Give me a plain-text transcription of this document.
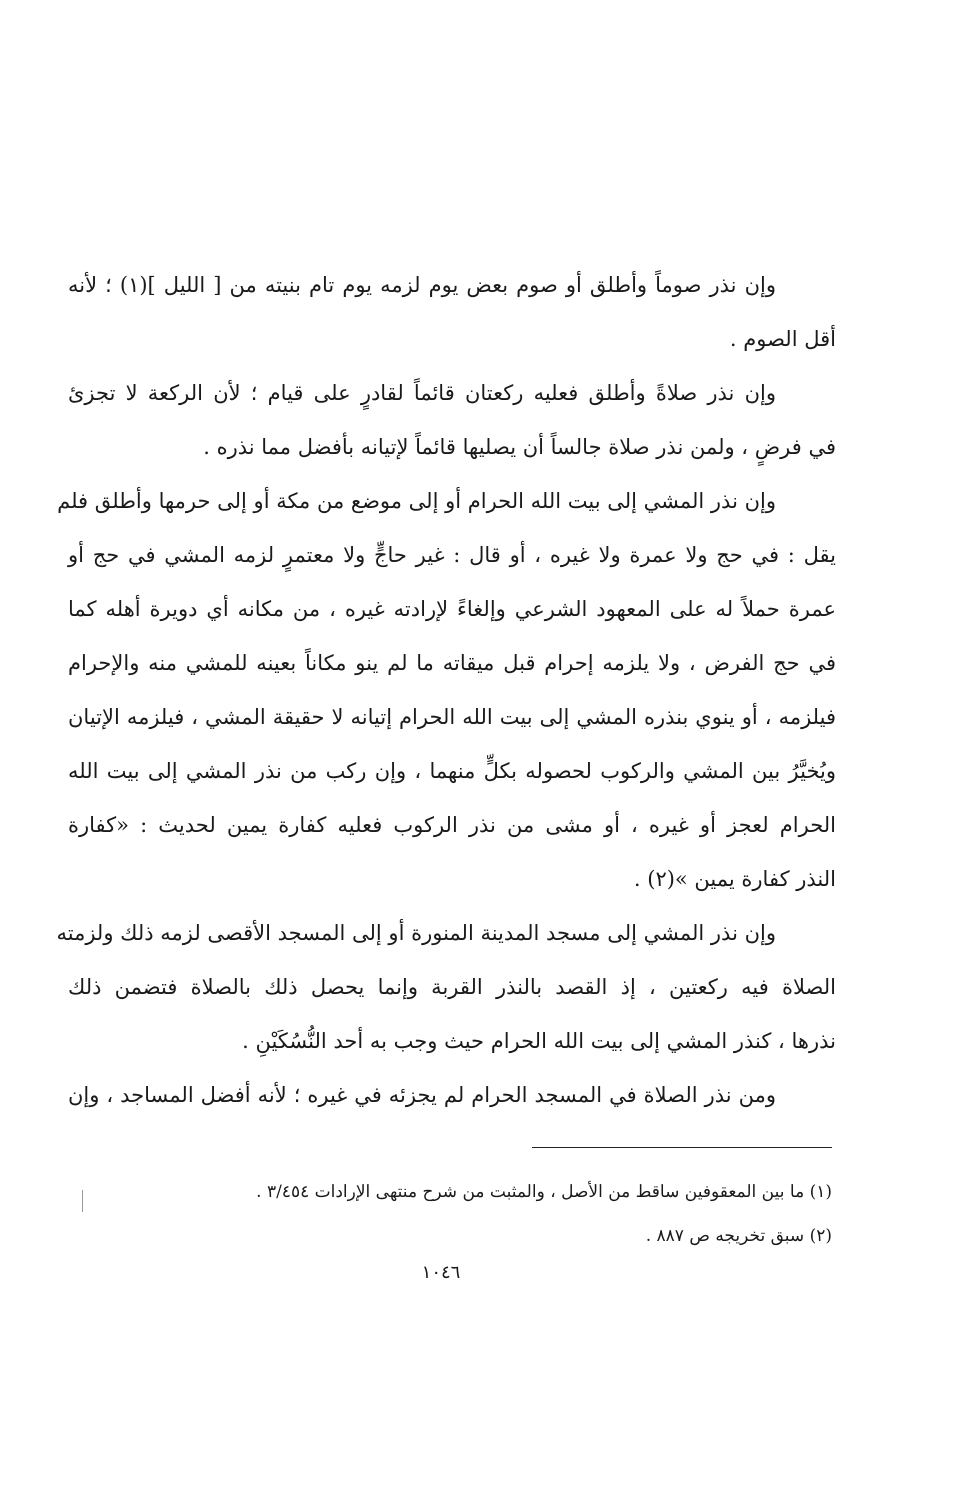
وإن نذر صوماً وأطلق أو صوم بعض يوم لزمه يوم تام بنيته من [ الليل ](١) ؛ لأنه
أقل الصوم .
وإن نذر صلاةً وأطلق فعليه ركعتان قائماً لقادرٍ على قيام ؛ لأن الركعة لا تجزئ
في فرضٍ ، ولمن نذر صلاة جالساً أن يصليها قائماً لإتيانه بأفضل مما نذره .
وإن نذر المشي إلى بيت الله الحرام أو إلى موضع من مكة أو إلى حرمها وأطلق فلم
يقل : في حج ولا عمرة ولا غيره ، أو قال : غير حاجٍّ ولا معتمرٍ لزمه المشي في حج أو
عمرة حملاً له على المعهود الشرعي وإلغاءً لإرادته غيره ، من مكانه أي دويرة أهله كما
في حج الفرض ، ولا يلزمه إحرام قبل ميقاته ما لم ينو مكاناً بعينه للمشي منه والإحرام
فيلزمه ، أو ينوي بنذره المشي إلى بيت الله الحرام إتيانه لا حقيقة المشي ، فيلزمه الإتيان
ويُخيَّرُ بين المشي والركوب لحصوله بكلٍّ منهما ، وإن ركب من نذر المشي إلى بيت الله
الحرام لعجز أو غيره ، أو مشى من نذر الركوب فعليه كفارة يمين لحديث : «كفارة
النذر كفارة يمين »(٢) .
وإن نذر المشي إلى مسجد المدينة المنورة أو إلى المسجد الأقصى لزمه ذلك ولزمته
الصلاة فيه ركعتين ، إذ القصد بالنذر القربة وإنما يحصل ذلك بالصلاة فتضمن ذلك
نذرها ، كنذر المشي إلى بيت الله الحرام حيث وجب به أحد النُّسُكَيْنِ .
ومن نذر الصلاة في المسجد الحرام لم يجزئه في غيره ؛ لأنه أفضل المساجد ، وإن
(١) ما بين المعقوفين ساقط من الأصل ، والمثبت من شرح منتهى الإرادات ٣/٤٥٤ .
(٢) سبق تخريجه ص ٨٨٧ .
١٠٤٦
